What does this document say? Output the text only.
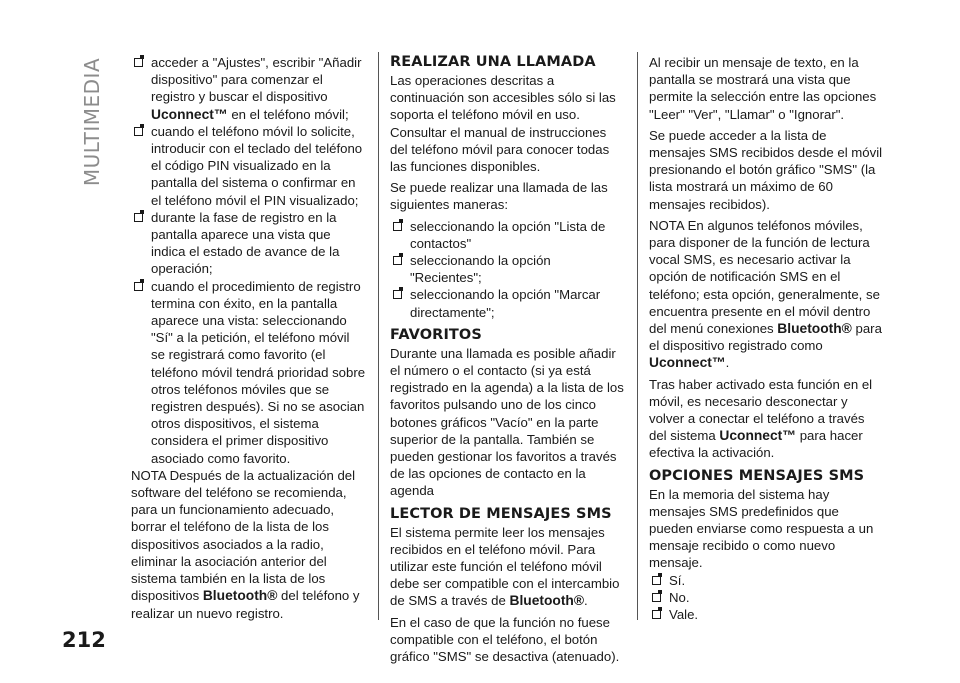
MULTIMEDIA	acceder a "Ajustes", escribir "Añadir dispositivo" para comenzar el registro y buscar el dispositivo Uconnect™ en el teléfono móvil;
cuando el teléfono móvil lo solicite, introducir con el teclado del teléfono el código PIN visualizado en la pantalla del sistema o confirmar en el teléfono móvil el PIN visualizado;
durante la fase de registro en la pantalla aparece una vista que indica el estado de avance de la operación;
cuando el procedimiento de registro termina con éxito, en la pantalla aparece una vista: seleccionando "Sí" a la petición, el teléfono móvil se registrará como favorito (el teléfono móvil tendrá prioridad sobre otros teléfonos móviles que se registren después). Si no se asocian otros dispositivos, el sistema considera el primer dispositivo asociado como favorito.
NOTA Después de la actualización del software del teléfono se recomienda, para un funcionamiento adecuado, borrar el teléfono de la lista de los dispositivos asociados a la radio, eliminar la asociación anterior del sistema también en la lista de los dispositivos Bluetooth® del teléfono y realizar un nuevo registro.
REALIZAR UNA LLAMADA
Las operaciones descritas a continuación son accesibles sólo si las soporta el teléfono móvil en uso. Consultar el manual de instrucciones del teléfono móvil para conocer todas las funciones disponibles.
Se puede realizar una llamada de las siguientes maneras:
seleccionando la opción "Lista de contactos"
seleccionando la opción "Recientes";
seleccionando la opción "Marcar directamente";
FAVORITOS
Durante una llamada es posible añadir el número o el contacto (si ya está registrado en la agenda) a la lista de los favoritos pulsando uno de los cinco botones gráficos "Vacío" en la parte superior de la pantalla. También se pueden gestionar los favoritos a través de las opciones de contacto en la agenda
LECTOR DE MENSAJES SMS
El sistema permite leer los mensajes recibidos en el teléfono móvil. Para utilizar este función el teléfono móvil debe ser compatible con el intercambio de SMS a través de Bluetooth®.
En el caso de que la función no fuese compatible con el teléfono, el botón gráfico "SMS" se desactiva (atenuado).
Al recibir un mensaje de texto, en la pantalla se mostrará una vista que permite la selección entre las opciones "Leer" "Ver", "Llamar" o "Ignorar".
Se puede acceder a la lista de mensajes SMS recibidos desde el móvil presionando el botón gráfico "SMS" (la lista mostrará un máximo de 60 mensajes recibidos).
NOTA En algunos teléfonos móviles, para disponer de la función de lectura vocal SMS, es necesario activar la opción de notificación SMS en el teléfono; esta opción, generalmente, se encuentra presente en el móvil dentro del menú conexiones Bluetooth® para el dispositivo registrado como Uconnect™.
Tras haber activado esta función en el móvil, es necesario desconectar y volver a conectar el teléfono a través del sistema Uconnect™ para hacer efectiva la activación.
OPCIONES MENSAJES SMS
En la memoria del sistema hay mensajes SMS predefinidos que pueden enviarse como respuesta a un mensaje recibido o como nuevo mensaje.
Sí.
No.
Vale.
212
